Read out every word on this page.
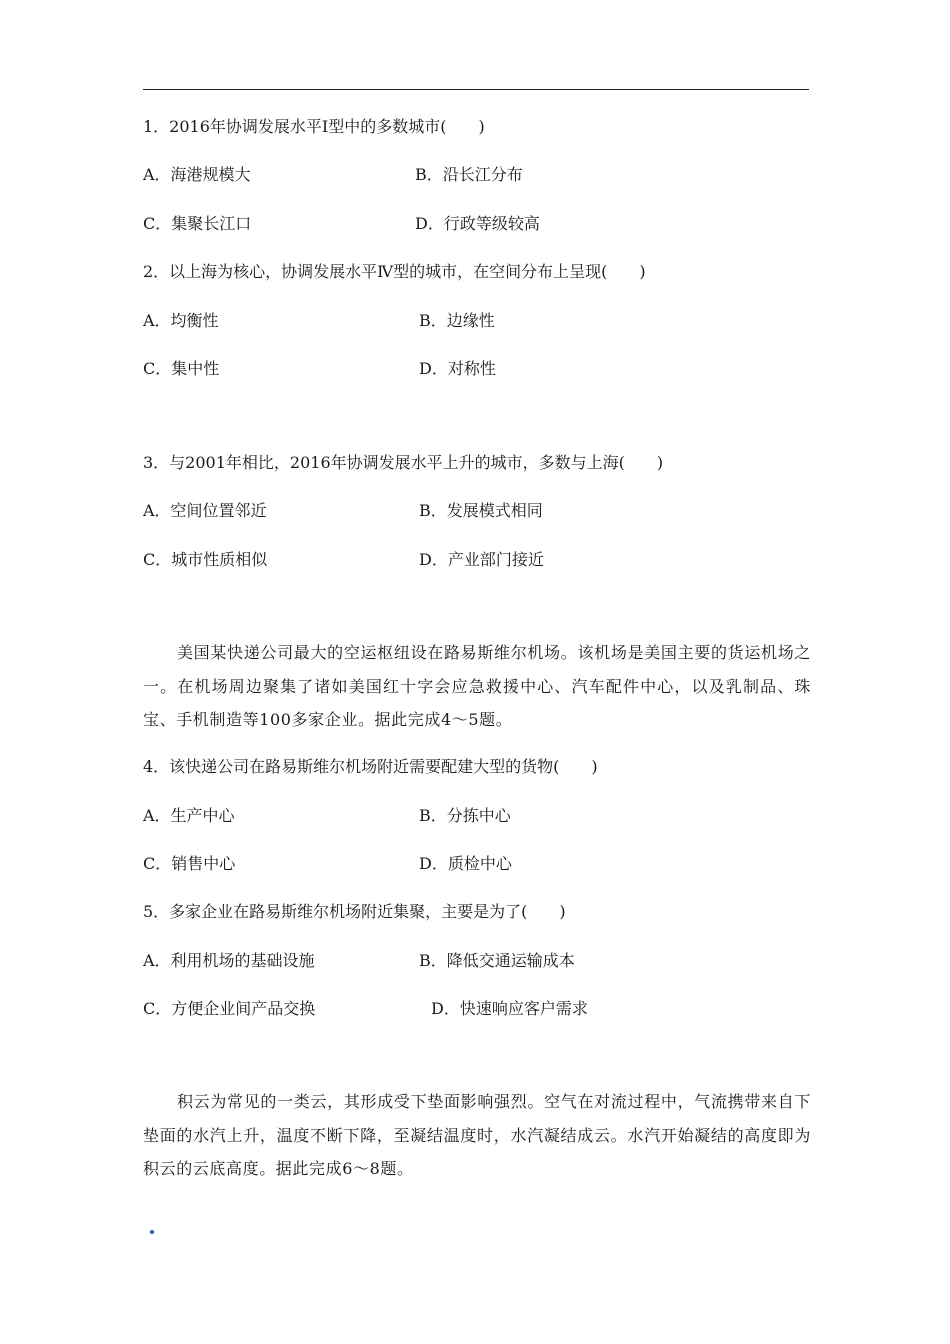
1．2016年协调发展水平Ⅰ型中的多数城市(　　)
A．海港规模大	B．沿长江分布
C．集聚长江口	D．行政等级较高
2．以上海为核心，协调发展水平Ⅳ型的城市，在空间分布上呈现(　　)
A．均衡性	B．边缘性
C．集中性	D．对称性
3．与2001年相比，2016年协调发展水平上升的城市，多数与上海(　　)
A．空间位置邻近	B．发展模式相同
C．城市性质相似	D．产业部门接近
美国某快递公司最大的空运枢纽设在路易斯维尔机场。该机场是美国主要的货运机场之一。在机场周边聚集了诸如美国红十字会应急救援中心、汽车配件中心，以及乳制品、珠宝、手机制造等100多家企业。据此完成4～5题。
4．该快递公司在路易斯维尔机场附近需要配建大型的货物(　　)
A．生产中心	B．分拣中心
C．销售中心	D．质检中心
5．多家企业在路易斯维尔机场附近集聚，主要是为了(　　)
A．利用机场的基础设施	B．降低交通运输成本
C．方便企业间产品交换	D．快速响应客户需求
积云为常见的一类云，其形成受下垫面影响强烈。空气在对流过程中，气流携带来自下垫面的水汽上升，温度不断下降，至凝结温度时，水汽凝结成云。水汽开始凝结的高度即为积云的云底高度。据此完成6～8题。
